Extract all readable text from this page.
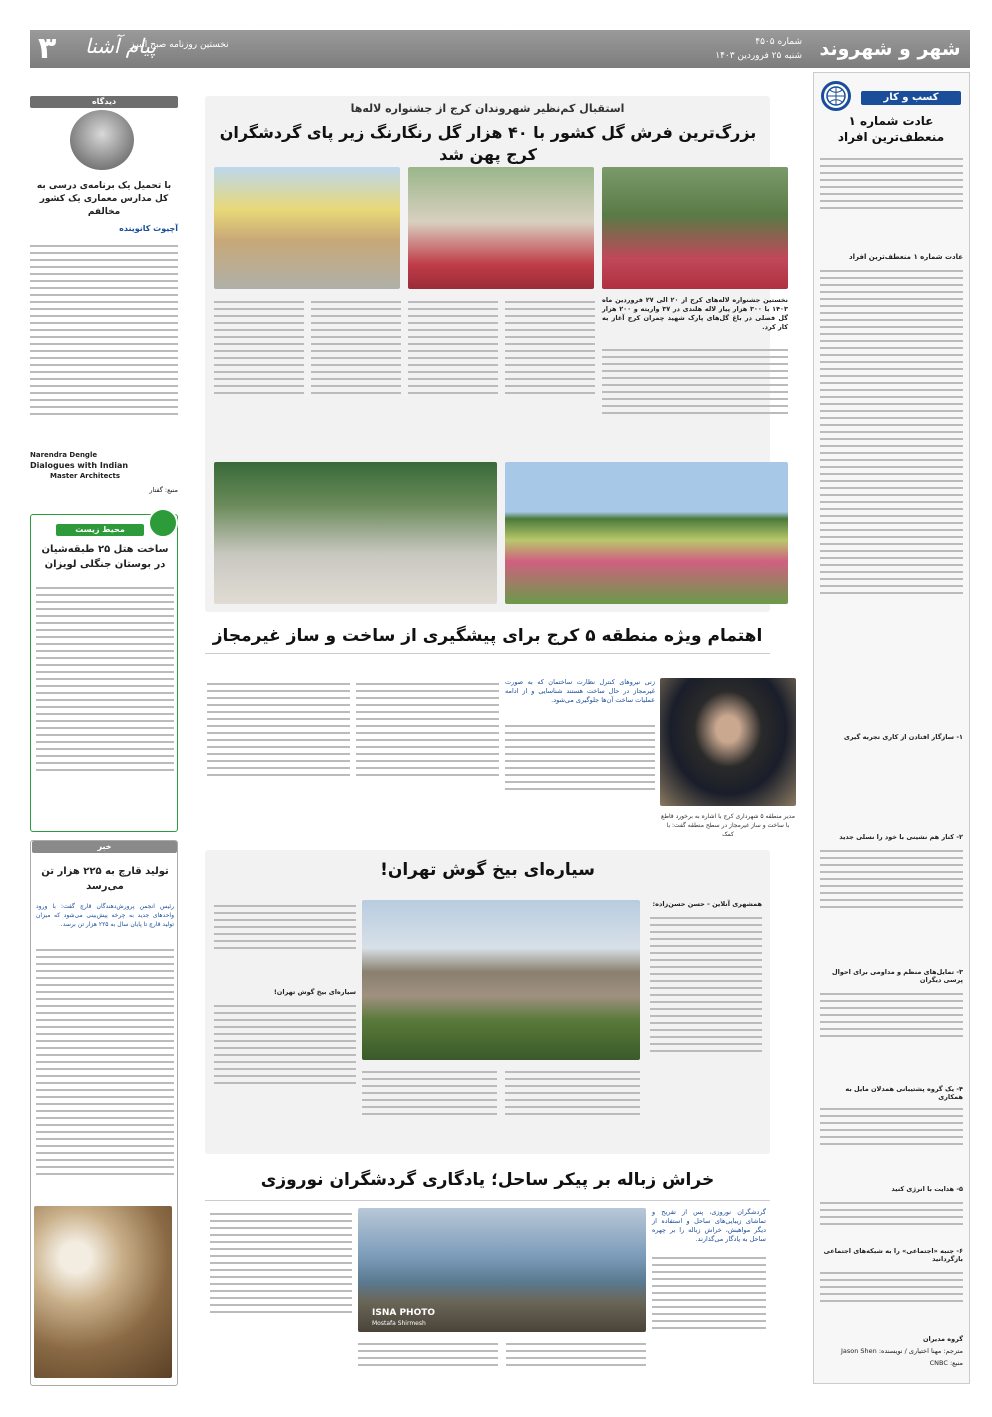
شهر و شهروند
شماره ۴۵۰۵
شنبه ۲۵ فروردین ۱۴۰۳
نخستین روزنامه صبح البرز
پیام آشنا
۳
کسب و کار
عادت شماره ۱ منعطف‌ترین افراد
عادت شماره ۱ منعطف‌ترین افراد
۱- سازگار افتادن از کاری تجربه گیری
۲- کنار هم نشینی با خود را نسلی جدید
۳- تمایل‌های منظم و مداومی برای احوال پرسی دیگران
۴- یک گروه پشتیبانی همدلان مایل به همکاری
۵- هدایت با انرژی کنید
۶- جنبه «اجتماعی» را به شبکه‌های اجتماعی بازگردانید
گروه مدیران
مترجم: مهنا اختیاری / نویسنده: Jason Shen
منبع: CNBC
دیدگاه
با تحمیل یک برنامه‌ی درسی به کل مدارس معماری یک کشور مخالفم
آچیوت کانوینده
Narendra Dengle
Dialogues with Indian
Master Architects
منبع: گفتار
محیط زیست
ساخت هتل ۲۵ طبقه‌شیان در بوستان جنگلی لویزان
خبر
تولید قارچ به ۲۲۵ هزار تن می‌رسد
رئیس انجمن پرورش‌دهندگان قارچ گفت: با ورود واحدهای جدید به چرخه پیش‌بینی می‌شود که میزان تولید قارچ تا پایان سال به ۲۲۵ هزار تن برسد.
استقبال کم‌نظیر شهروندان کرج از جشنواره لاله‌ها
بزرگ‌ترین فرش گل کشور با ۴۰ هزار گل رنگارنگ زیر پای گردشگران کرج پهن شد
نخستین جشنواره لاله‌های کرج از ۲۰ الی ۲۷ فروردین ماه ۱۴۰۳ با ۳۰۰ هزار پیاز لاله هلندی در ۳۷ واریته و ۲۰۰ هزار گل فصلی در باغ گل‌های پارک شهید چمران کرج آغاز به کار کرد.
اهتمام ویژه منطقه ۵ کرج برای پیشگیری از ساخت و ساز غیرمجاز
مدیر منطقه ۵ شهرداری کرج با اشاره به برخورد قاطع با ساخت و ساز غیرمجاز در سطح منطقه گفت: با کمک
زنی نیروهای کنترل نظارت ساختمان که به صورت غیرمجاز در حال ساخت هستند شناسایی و از ادامه عملیات ساخت آن‌ها جلوگیری می‌شود.
سیاره‌ای بیخ گوش تهران!
همشهری آنلاین - حسن حسن‌زاده:
سیاره‌ای بیخ گوش تهران!
خراش زباله بر پیکر ساحل؛ یادگاری گردشگران نوروزی
گردشگران نوروزی، پس از تفریح و تماشای زیبایی‌های ساحل و استفاده از دیگر مواهبش، خراش زباله را بر چهره ساحل به یادگار می‌گذارند.
ISNA PHOTO
Mostafa Shirmesh
